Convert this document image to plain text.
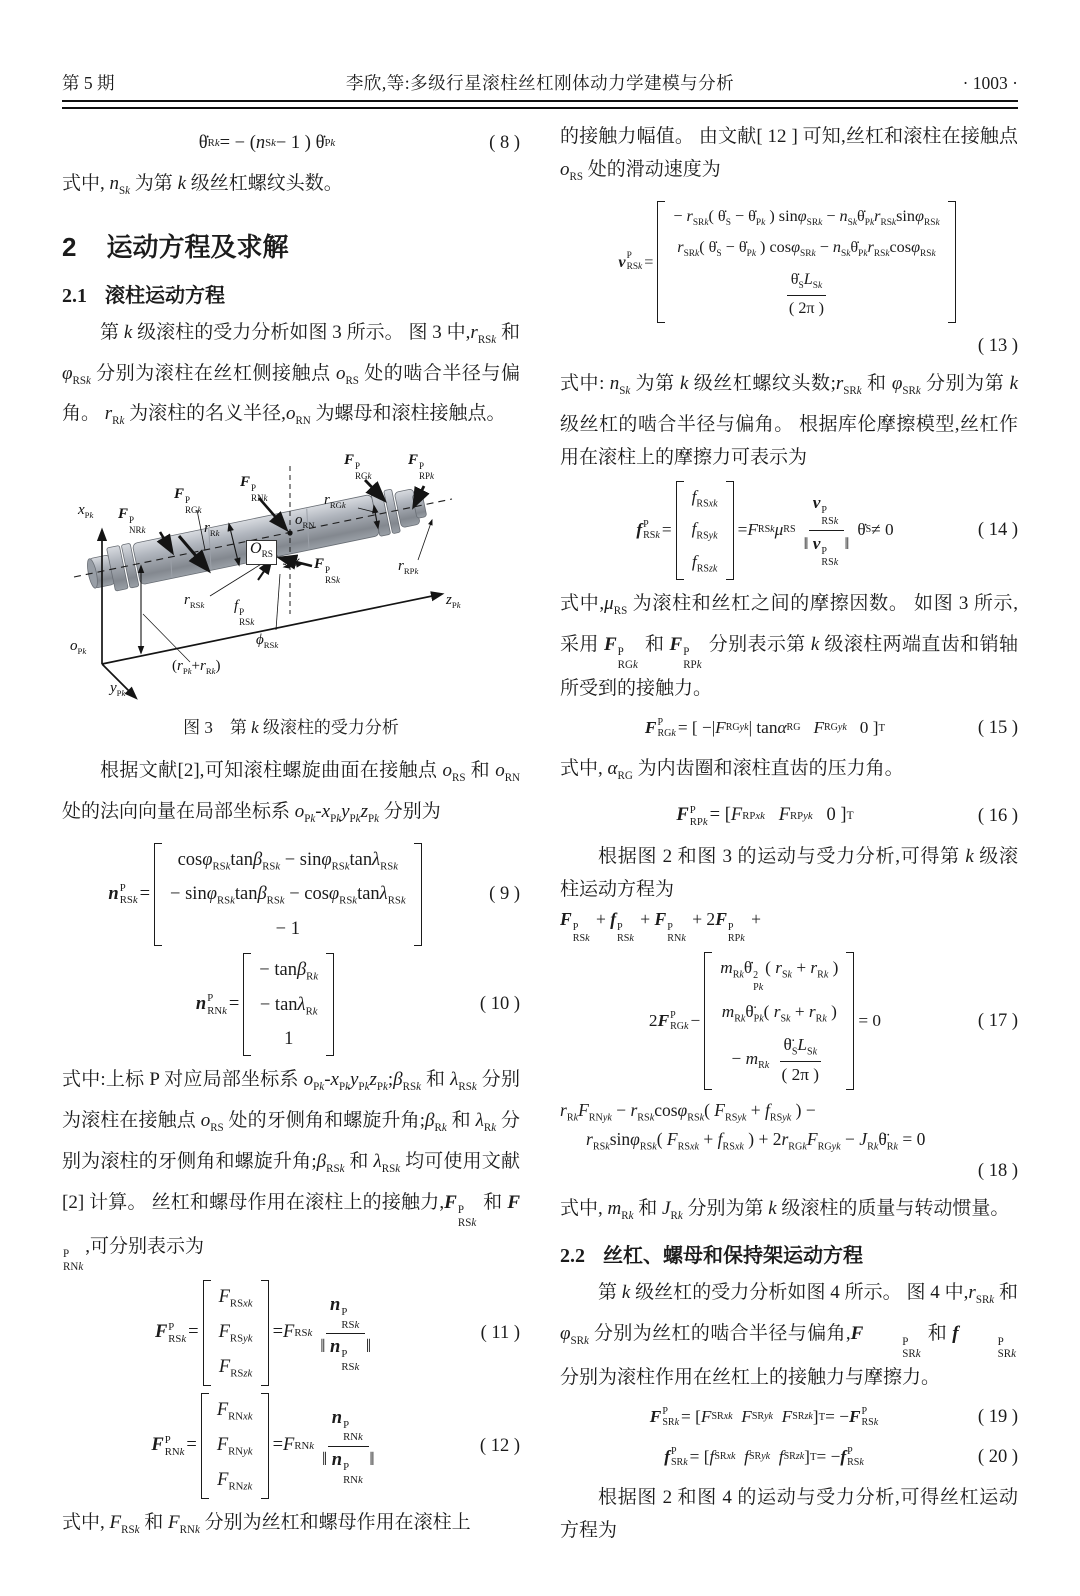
第 5 期	李欣,等:多级行星滚柱丝杠刚体动力学建模与分析	· 1003 ·
θ̇ Rk = − ( n Sk − 1 ) θ̇ Pk	( 8 )

式中, $n_{Sk}$ 为第 k 级丝杠螺纹头数。

2 运动方程及求解
2.1 滚柱运动方程

第 k 级滚柱的受力分析如图 3 所示。 图 3 中$,r_{RSk}$ 和 $\varphi_{RSk}$ 分别为滚柱在丝杠侧接触点 $o_{RS}$ 处的啮合半径与偏角。 $r_{Rk}$ 为滚柱的名义半径$,o_{RN}$ 为螺母和滚柱接触点。

$x_{Pk}$ F P
NRk
F P
RGk
F P
RNk
$o_{RN}$
$r_{RGk}$
F P
RGk
F P
RPk
$r_{Rk}$
$O_{RS}$
F P
RSk
$r_{RSk}$ f P
RSk
$\phi_{RSk}$
$r_{RPk}$
$z_{Pk}$
$o_{Pk}$
$y_{Pk}$
$(r_{Pk}+r_{Rk})$
图 3　第 k 级滚柱的受力分析

根据文献[2],可知滚柱螺旋曲面在接触点 $o_{RS}$ 和 $o_{RN}$ 处的法向向量在局部坐标系 $o_{Pk}-x_{Pk}y_{Pk}z_{Pk}$ 分别为

n P
RSk =
cosφ$_{RSk}$tanβ$_{RSk}$ − sinφ$_{RSk}$tanλ$_{RSk}$
− sinφ$_{RSk}$tanβ$_{RSk}$ − cosφ$_{RSk}$tanλ$_{RSk}$
− 1
( 9 )
n P
RNk =
− tanβ$_{Rk}$
− tanλ$_{Rk}$
1
( 10 )

式中:上标 P 对应局部坐标系 $o_{Pk}-x_{Pk}y_{Pk}z_{Pk};\beta_{RSk}$ 和 $\lambda_{RSk}$ 分别为滚柱在接触点 $o_{RS}$ 处的牙侧角和螺旋升角$;\beta_{Rk}$ 和 $\lambda_{Rk}$ 分别为滚柱的牙侧角和螺旋升角$;\beta_{RSk}$ 和 $\lambda_{RSk}$ 均可使用文献[2] 计算。 丝杠和螺母作用在滚柱上的接触力,F P
RSk
和 F
P
RNk
,可分别表示为

F P
RSk =
$F_{RSxk}$
$F_{RSyk}$
$F_{RSzk}$
= F RSk n P
RSk
‖ n P
RSk
‖	( 11 )
F P
RNk =
$F_{RNxk}$
$F_{RNyk}$
$F_{RNzk}$
= F RNk n P
RNk
‖ n P
RNk
‖	( 12 )

式中, $F_{RSk}$ 和 $F_{RNk}$ 分别为丝杠和螺母作用在滚柱上

的接触力幅值。 由文献[ 12 ] 可知,丝杠和滚柱在接触点 $o_{RS}$ 处的滑动速度为

v P
RSk =
− $r_{SRk}$( $\thetȧ_S$ − $\thetȧ_{Pk}$ ) $\sin\varphi_{SRk} - n_{Sk}\thetȧ_{Pk}r_{RSk}\sin\varphi_{RSk}$
$r_{SRk}$( $\thetȧ_S$ − $\thetȧ_{Pk}$ ) $\cos\varphi_{SRk} - n_{Sk}\thetȧ_{Pk}r_{RSk}\cos\varphi_{RSk}$
$\frac{\thetȧ_SL_{Sk}}{( 2\pi )}$
( 13 )

式中: $n_{Sk}$ 为第 k 级丝杠螺纹头数$;r_{SRk}$ 和 $\varphi_{SRk}$ 分别为第 k 级丝杠的啮合半径与偏角。 根据库伦摩擦模型,丝杠作用在滚柱上的摩擦力可表示为

f P
RSk =
$f_{RSxk}$
$f_{RSyk}$
$f_{RSzk}$
= F RSk μ RS v P
RSk
‖ v P
RSk
‖ θ̇ S ≠ 0	( 14 )

式中$,\mu_{RS}$ 为滚柱和丝杠之间的摩擦因数。 如图 3 所示,采用 F P
RGk
和 F P
RPk
分别表示第 k 级滚柱两端直齿和销轴所受到的接触力。

F P
RGk = [ −| F RGyk | tan α RG
F RGyk 0 ] T	( 15 )

式中, $\alpha_{RG}$ 为内齿圈和滚柱直齿的压力角。

F P
RPk = [ F RPxk
F RPyk 0 ] T	( 16 )

根据图 2 和图 3 的运动与受力分析,可得第 k 级滚柱运动方程为

F P
RSk
+ f P
RSk
+ F P
RNk
+ 2F P
RPk
+
2 F P
RGk −
$m_{Rk}\thetȧ$ 2
Pk
( $r_{Sk} + r_{Rk}$ )
$m_{Rk}\thetä_{Pk}$( $r_{Sk} + r_{Rk}$ )
− $m_{Rk} \frac{\thetä_SL_{Sk}}{( 2\pi )}$
= 0	( 17 )
$r_{Rk}F_{RNyk} - r_{RSk}\cos\varphi_{RSk}$( $F_{RSyk} + f_{RSyk}$ ) −
$r_{RSk}\sin\varphi_{RSk}$( $F_{RSxk} + f_{RSxk}$ ) + $2r_{RGk}F_{RGyk}$ − $J_{Rk}\thetä_{Rk} = 0$
( 18 )

式中, $m_{Rk}$ 和 $J_{Rk}$ 分别为第 k 级滚柱的质量与转动惯量。

2.2 丝杠、螺母和保持架运动方程

第 k 级丝杠的受力分析如图 4 所示。 图 4 中$,r_{SRk}$ 和 $\varphi_{SRk}$ 分别为丝杠的啮合半径与偏角,F	P
SRk
和 f	P
SRk
分别为滚柱作用在丝杠上的接触力与摩擦力。

F P
SRk = [ F SRxk
F SRyk
F SRzk ] T = − F P
RSk	( 19 )
f P
SRk = [ f SRxk
f SRyk
f SRzk ] T = − f P
RSk	( 20 )

根据图 2 和图 4 的运动与受力分析,可得丝杠运动方程为
